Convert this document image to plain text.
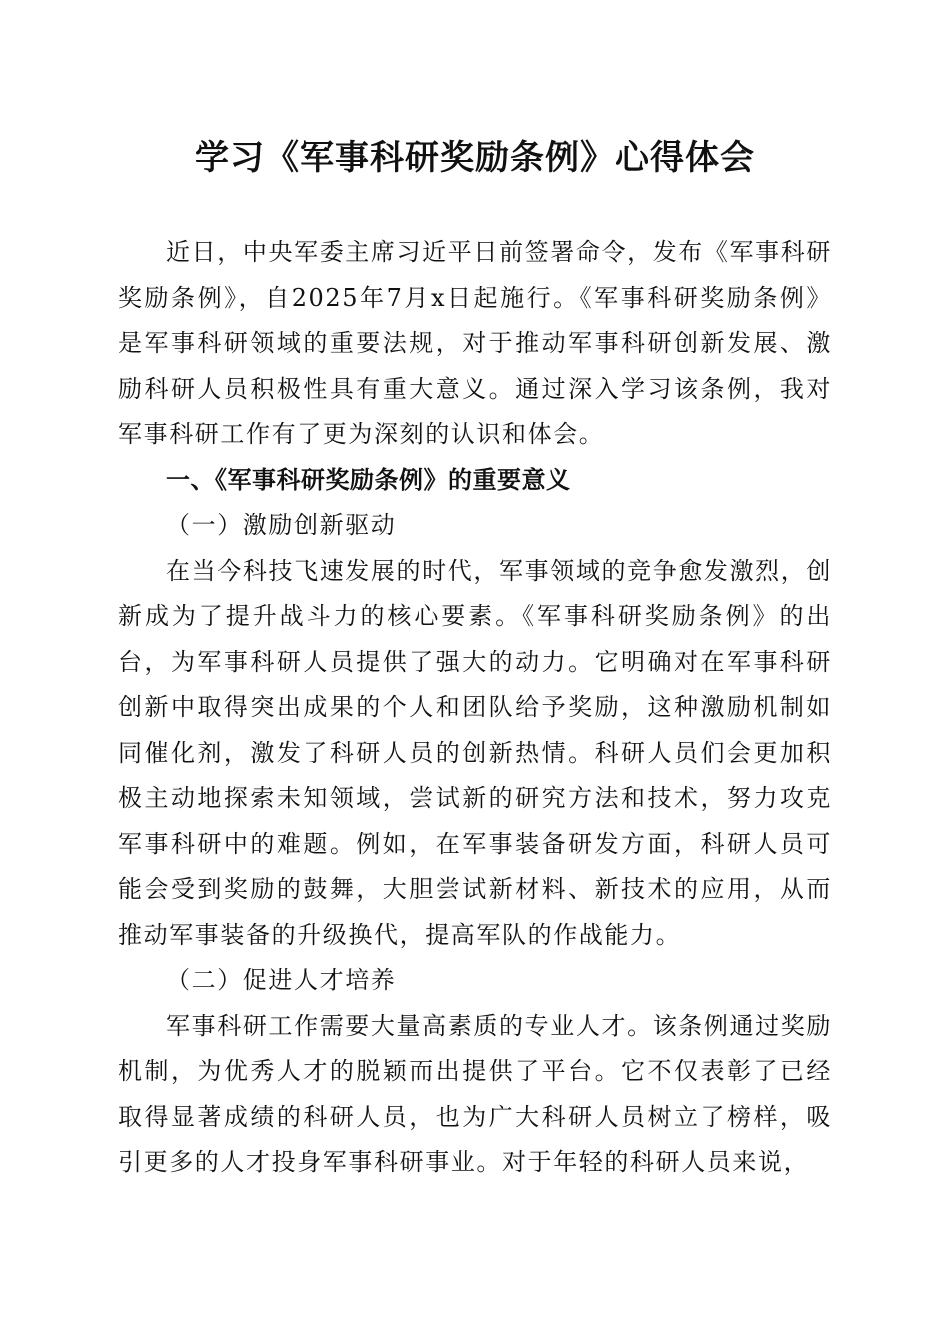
学习《军事科研奖励条例》心得体会

近日，中央军委主席习近平日前签署命令，发布《军事科研奖励条例》，自2025年7月x日起施行。《军事科研奖励条例》是军事科研领域的重要法规，对于推动军事科研创新发展、激励科研人员积极性具有重大意义。通过深入学习该条例，我对军事科研工作有了更为深刻的认识和体会。

一、《军事科研奖励条例》的重要意义

（一）激励创新驱动

在当今科技飞速发展的时代，军事领域的竞争愈发激烈，创新成为了提升战斗力的核心要素。《军事科研奖励条例》的出台，为军事科研人员提供了强大的动力。它明确对在军事科研创新中取得突出成果的个人和团队给予奖励，这种激励机制如同催化剂，激发了科研人员的创新热情。科研人员们会更加积极主动地探索未知领域，尝试新的研究方法和技术，努力攻克军事科研中的难题。例如，在军事装备研发方面，科研人员可能会受到奖励的鼓舞，大胆尝试新材料、新技术的应用，从而推动军事装备的升级换代，提高军队的作战能力。

（二）促进人才培养

军事科研工作需要大量高素质的专业人才。该条例通过奖励机制，为优秀人才的脱颖而出提供了平台。它不仅表彰了已经取得显著成绩的科研人员，也为广大科研人员树立了榜样，吸引更多的人才投身军事科研事业。对于年轻的科研人员来说，
